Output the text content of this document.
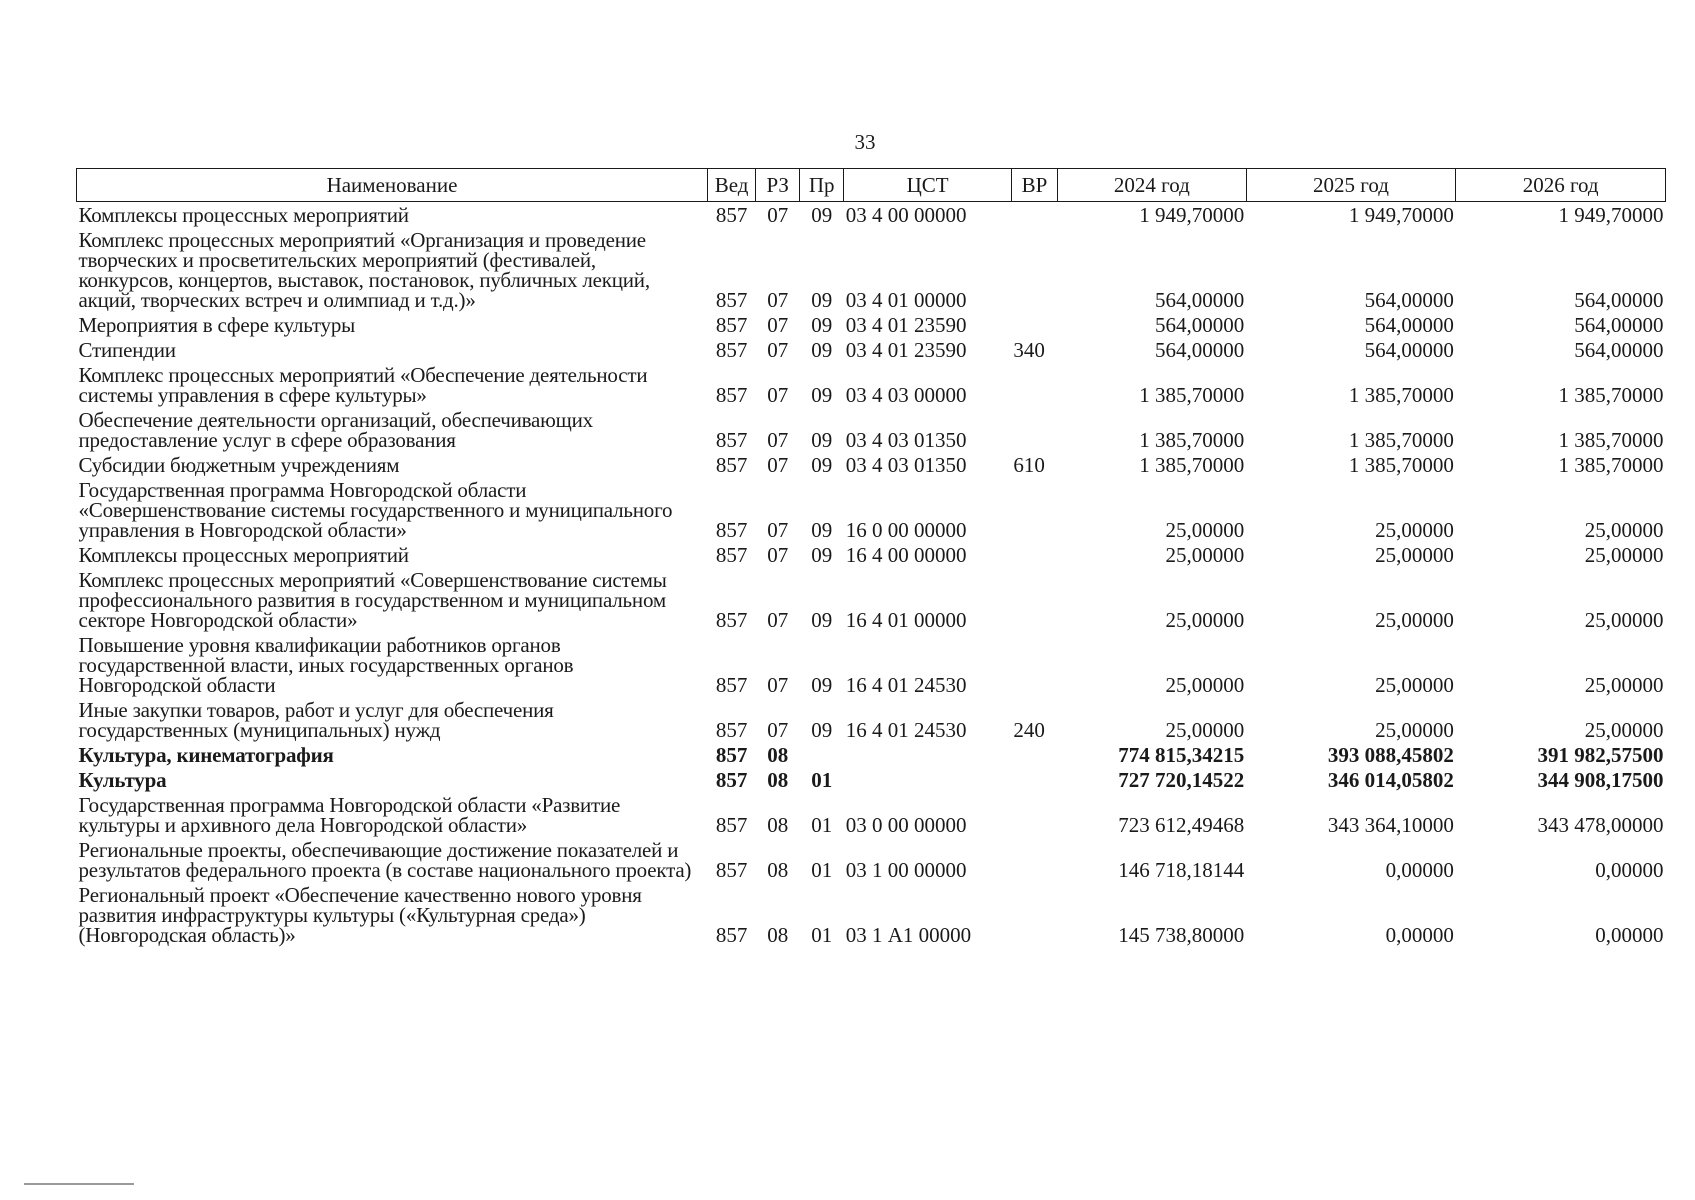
33
Наименование	Вед	РЗ	Пр	ЦСТ	ВР	2024 год	2025 год	2026 год
Комплексы процессных мероприятий	857	07	09	03 4 00 00000		1 949,70000	1 949,70000	1 949,70000
Комплекс процессных мероприятий «Организация и проведение творческих и просветительских мероприятий (фестивалей, конкурсов, концертов, выставок, постановок, публичных лекций, акций, творческих встреч и олимпиад и т.д.)»	857	07	09	03 4 01 00000		564,00000	564,00000	564,00000
Мероприятия в сфере культуры	857	07	09	03 4 01 23590		564,00000	564,00000	564,00000
Стипендии	857	07	09	03 4 01 23590	340	564,00000	564,00000	564,00000
Комплекс процессных мероприятий «Обеспечение деятельности системы управления в сфере культуры»	857	07	09	03 4 03 00000		1 385,70000	1 385,70000	1 385,70000
Обеспечение деятельности организаций, обеспечивающих предоставление услуг в сфере образования	857	07	09	03 4 03 01350		1 385,70000	1 385,70000	1 385,70000
Субсидии бюджетным учреждениям	857	07	09	03 4 03 01350	610	1 385,70000	1 385,70000	1 385,70000
Государственная программа Новгородской области «Совершенствование системы государственного и муниципального управления в Новгородской области»	857	07	09	16 0 00 00000		25,00000	25,00000	25,00000
Комплексы процессных мероприятий	857	07	09	16 4 00 00000		25,00000	25,00000	25,00000
Комплекс процессных мероприятий «Совершенствование системы профессионального развития в государственном и муниципальном секторе Новгородской области»	857	07	09	16 4 01 00000		25,00000	25,00000	25,00000
Повышение уровня квалификации работников органов государственной власти, иных государственных органов Новгородской области	857	07	09	16 4 01 24530		25,00000	25,00000	25,00000
Иные закупки товаров, работ и услуг для обеспечения государственных (муниципальных) нужд	857	07	09	16 4 01 24530	240	25,00000	25,00000	25,00000
Культура, кинематография	857	08				774 815,34215	393 088,45802	391 982,57500
Культура	857	08	01			727 720,14522	346 014,05802	344 908,17500
Государственная программа Новгородской области «Развитие культуры и архивного дела Новгородской области»	857	08	01	03 0 00 00000		723 612,49468	343 364,10000	343 478,00000
Региональные проекты, обеспечивающие достижение показателей и результатов федерального проекта (в составе национального проекта)	857	08	01	03 1 00 00000		146 718,18144	0,00000	0,00000
Региональный проект «Обеспечение качественно нового уровня развития инфраструктуры культуры («Культурная среда») (Новгородская область)»	857	08	01	03 1 А1 00000		145 738,80000	0,00000	0,00000
